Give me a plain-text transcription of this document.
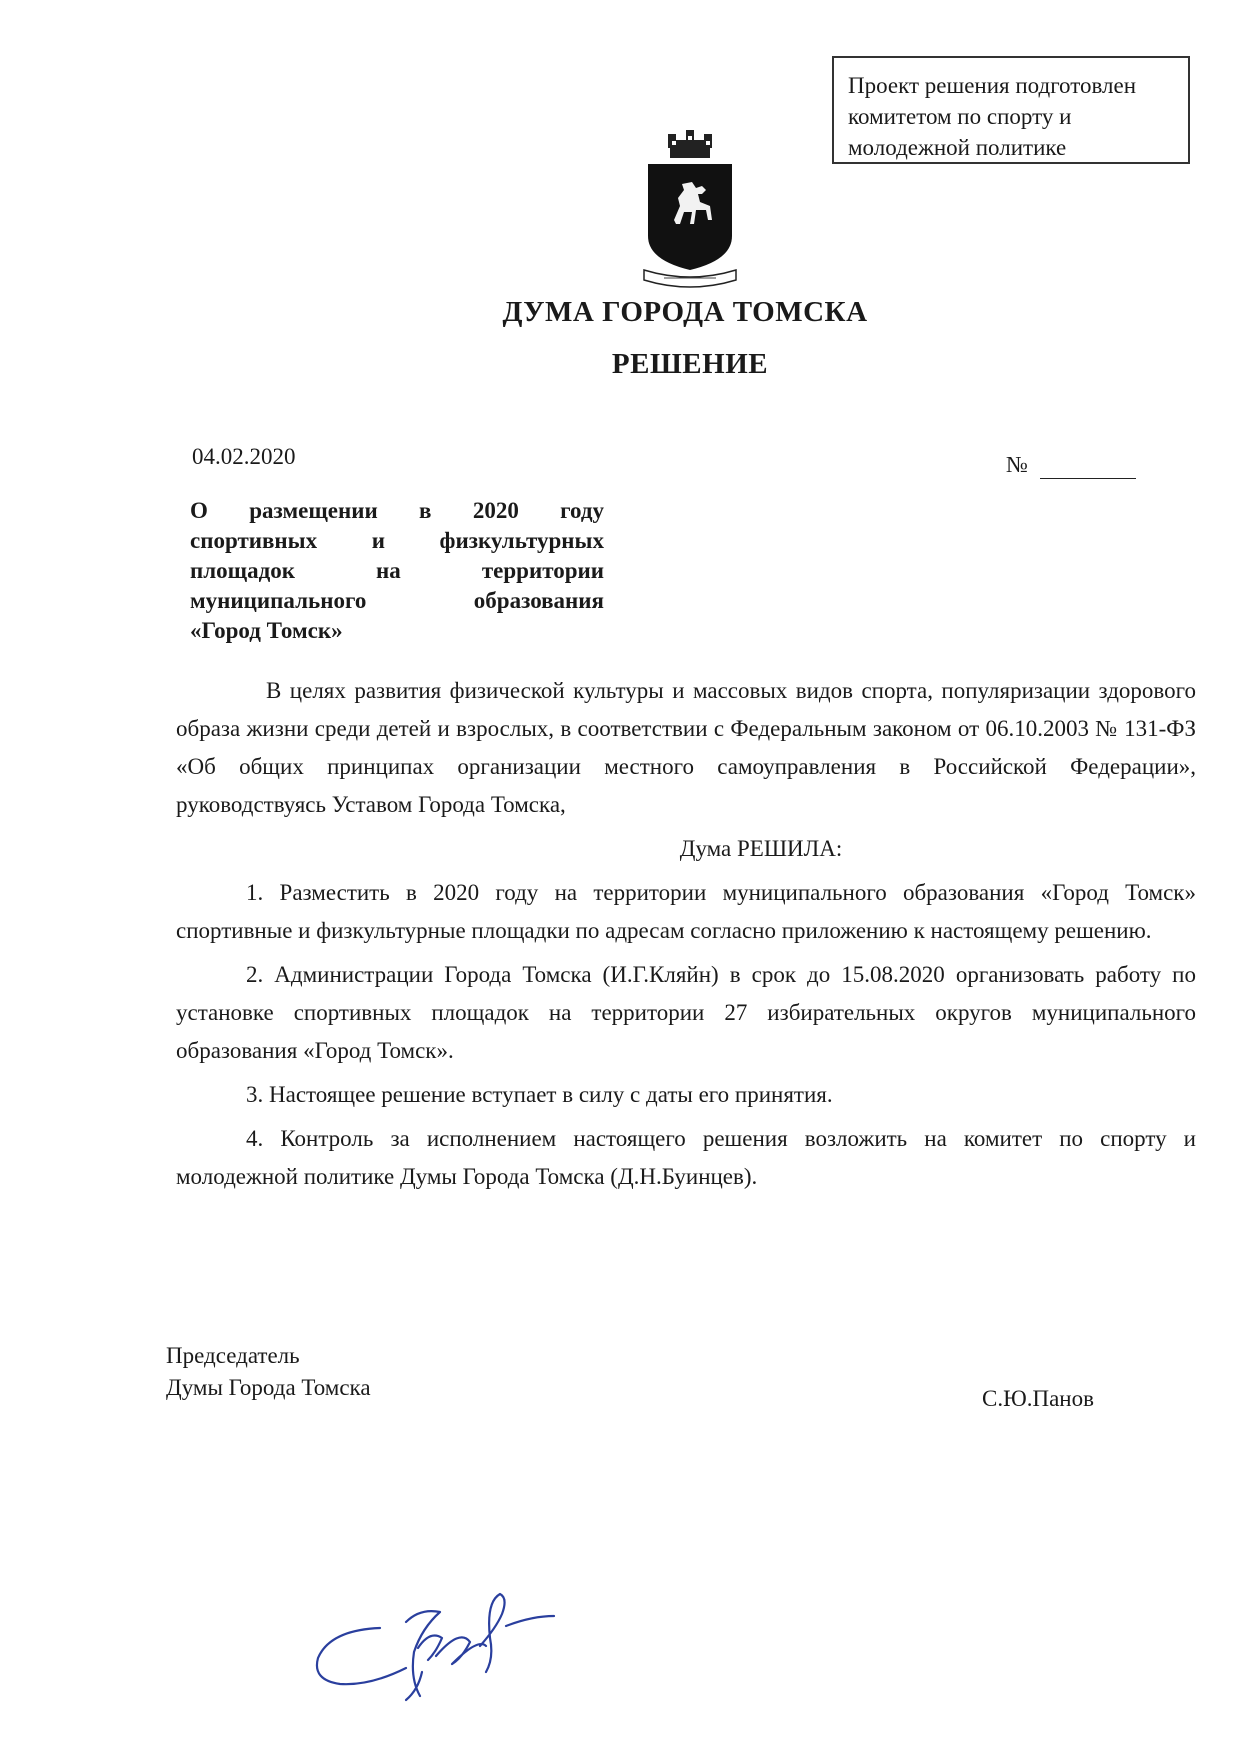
Проект решения подготовлен
комитетом по спорту и
молодежной политике
ДУМА ГОРОДА ТОМСКА
РЕШЕНИЕ
04.02.2020	№
О размещении в 2020 году
спортивных и физкультурных
площадок	на	территории
муниципального	образования
«Город Томск»

В целях развития физической культуры и массовых видов спорта, популяризации здорового образа жизни среди детей и взрослых, в соответствии с Федеральным законом от 06.10.2003 № 131-ФЗ «Об общих принципах организации местного самоуправления в Российской Федерации», руководствуясь Уставом Города Томска,

Дума РЕШИЛА:

1. Разместить в 2020 году на территории муниципального образования «Город Томск» спортивные и физкультурные площадки по адресам согласно приложению к настоящему решению.

2. Администрации Города Томска (И.Г.Кляйн) в срок до 15.08.2020 организовать работу по установке спортивных площадок на территории 27 избирательных округов муниципального образования «Город Томск».

3. Настоящее решение вступает в силу с даты его принятия.

4. Контроль за исполнением настоящего решения возложить на комитет по спорту и молодежной политике Думы Города Томска (Д.Н.Буинцев).

Председатель
Думы Города Томска	С.Ю.Панов
